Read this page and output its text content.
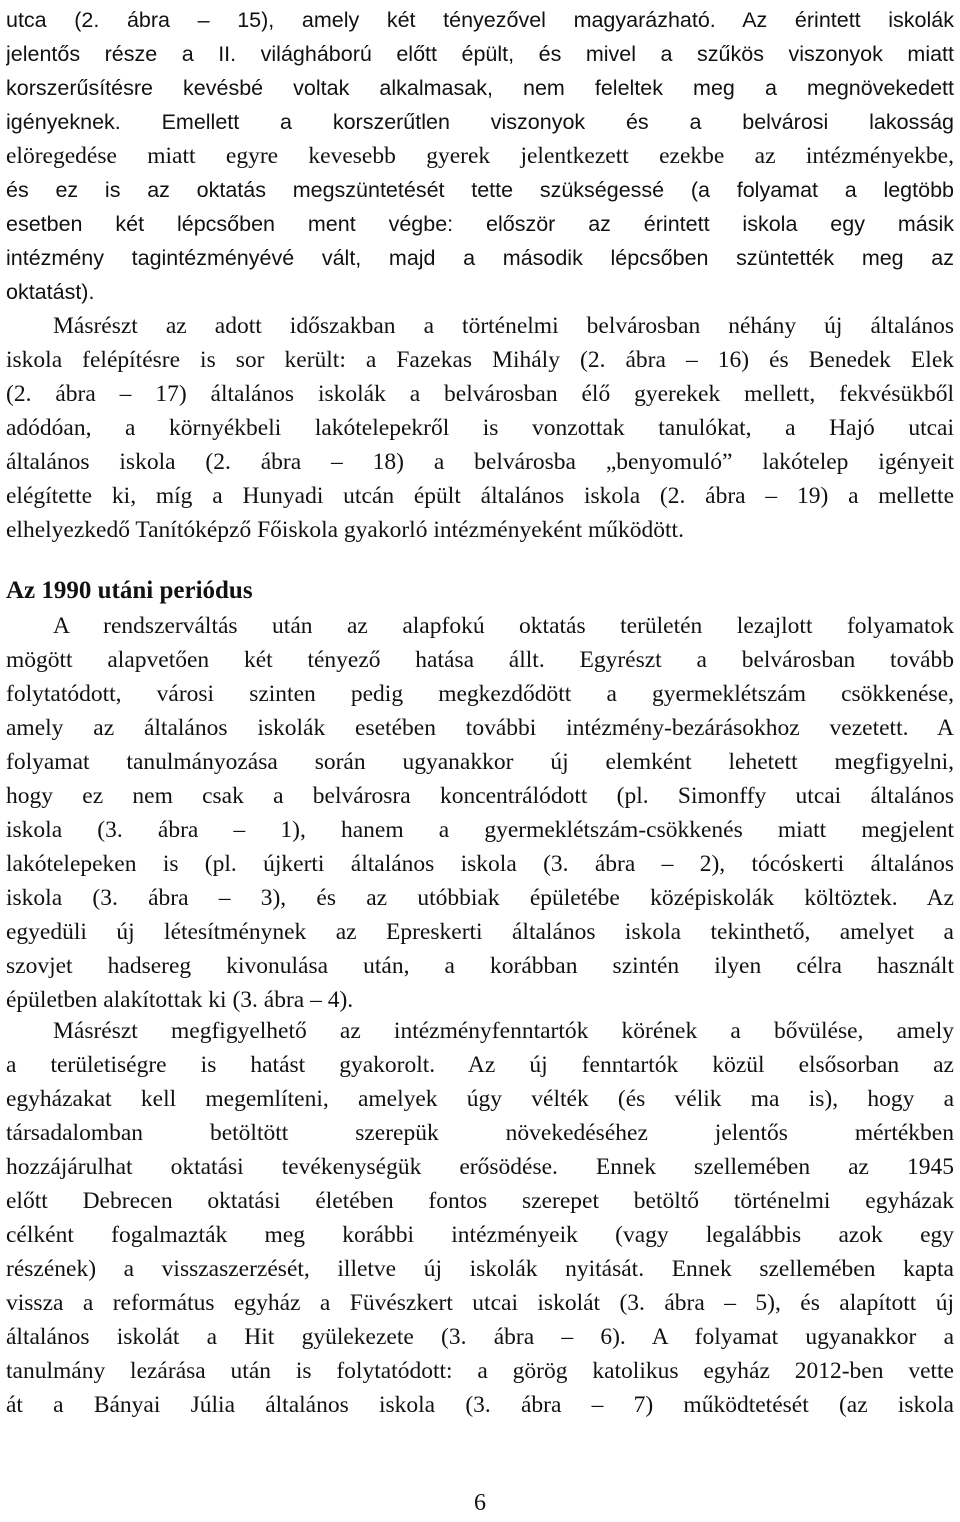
utca (2. ábra – 15), amely két tényezővel magyarázható. Az érintett iskolák
jelentős része a II. világháború előtt épült, és mivel a szűkös viszonyok miatt
korszerűsítésre kevésbé voltak alkalmasak, nem feleltek meg a megnövekedett
igényeknek. Emellett a korszerűtlen viszonyok és a belvárosi lakosság
elöregedése miatt egyre kevesebb gyerek jelentkezett ezekbe az intézményekbe,
és ez is az oktatás megszüntetését tette szükségessé (a folyamat a legtöbb
esetben két lépcsőben ment végbe: először az érintett iskola egy másik
intézmény tagintézményévé vált, majd a második lépcsőben szüntették meg az
oktatást).
Másrészt az adott időszakban a történelmi belvárosban néhány új általános
iskola felépítésre is sor került: a Fazekas Mihály (2. ábra – 16) és Benedek Elek
(2. ábra – 17) általános iskolák a belvárosban élő gyerekek mellett, fekvésükből
adódóan, a környékbeli lakótelepekről is vonzottak tanulókat, a Hajó utcai
általános iskola (2. ábra – 18) a belvárosba „benyomuló” lakótelep igényeit
elégítette ki, míg a Hunyadi utcán épült általános iskola (2. ábra – 19) a mellette
elhelyezkedő Tanítóképző Főiskola gyakorló intézményeként működött.
Az 1990 utáni periódus
A rendszerváltás után az alapfokú oktatás területén lezajlott folyamatok
mögött alapvetően két tényező hatása állt. Egyrészt a belvárosban tovább
folytatódott, városi szinten pedig megkezdődött a gyermeklétszám csökkenése,
amely az általános iskolák esetében további intézmény-bezárásokhoz vezetett. A
folyamat tanulmányozása során ugyanakkor új elemként lehetett megfigyelni,
hogy ez nem csak a belvárosra koncentrálódott (pl. Simonffy utcai általános
iskola (3. ábra – 1), hanem a gyermeklétszám-csökkenés miatt megjelent
lakótelepeken is (pl. újkerti általános iskola (3. ábra – 2), tócóskerti általános
iskola (3. ábra – 3), és az utóbbiak épületébe középiskolák költöztek. Az
egyedüli új létesítménynek az Epreskerti általános iskola tekinthető, amelyet a
szovjet hadsereg kivonulása után, a korábban szintén ilyen célra használt
épületben alakítottak ki (3. ábra – 4).
Másrészt megfigyelhető az intézményfenntartók körének a bővülése, amely
a területiségre is hatást gyakorolt. Az új fenntartók közül elsősorban az
egyházakat kell megemlíteni, amelyek úgy vélték (és vélik ma is), hogy a
társadalomban betöltött szerepük növekedéséhez jelentős mértékben
hozzájárulhat oktatási tevékenységük erősödése. Ennek szellemében az 1945
előtt Debrecen oktatási életében fontos szerepet betöltő történelmi egyházak
célként fogalmazták meg korábbi intézményeik (vagy legalábbis azok egy
részének) a visszaszerzését, illetve új iskolák nyitását. Ennek szellemében kapta
vissza a református egyház a Füvészkert utcai iskolát (3. ábra – 5), és alapított új
általános iskolát a Hit gyülekezete (3. ábra – 6). A folyamat ugyanakkor a
tanulmány lezárása után is folytatódott: a görög katolikus egyház 2012-ben vette
át a Bányai Júlia általános iskola (3. ábra – 7) működtetését (az iskola
6
